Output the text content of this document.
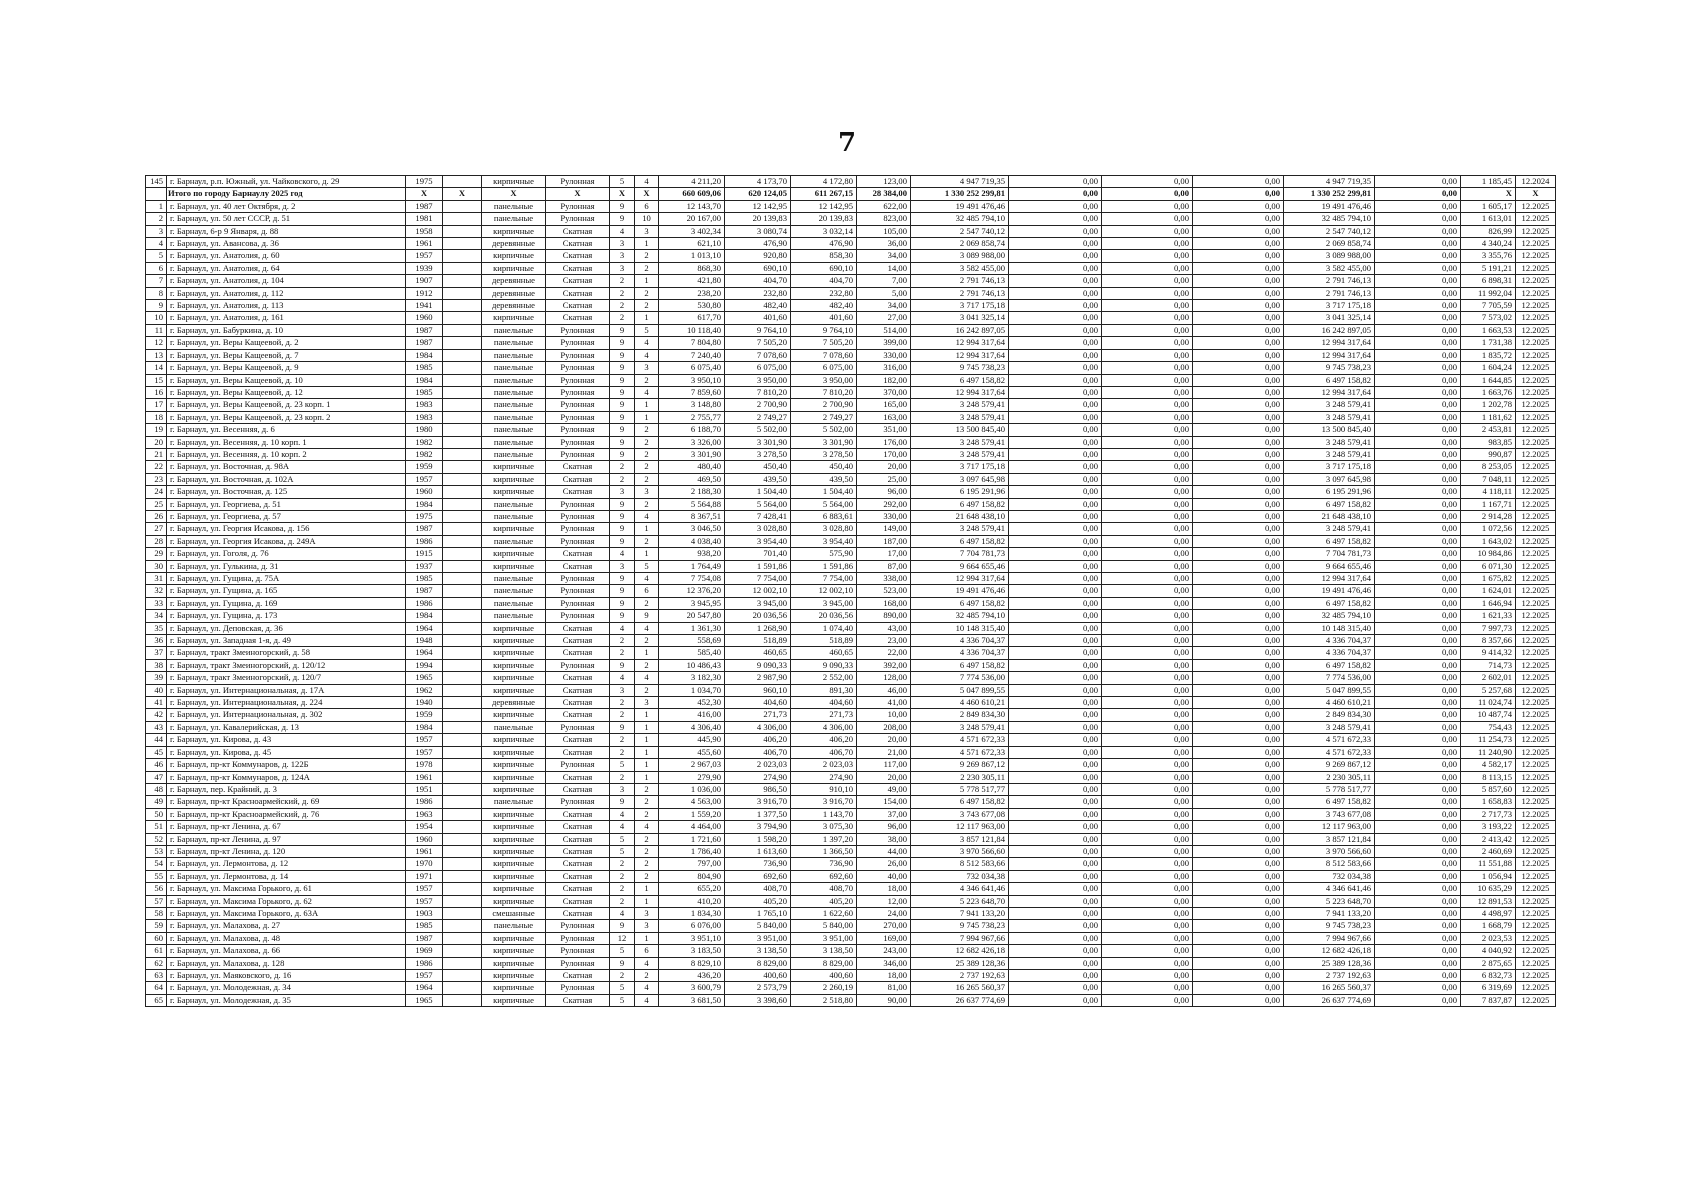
7
145	г. Барнаул, р.п. Южный, ул. Чайковского, д. 29	1975		кирпичные	Рулонная	5	4	4 211,20	4 173,70	4 172,80	123,00	4 947 719,35	0,00	0,00	0,00	4 947 719,35	0,00	1 185,45	12.2024
	Итого по городу Барнаулу 2025 год	X	X	X	X	X	X	660 609,06	620 124,05	611 267,15	28 384,00	1 330 252 299,81	0,00	0,00	0,00	1 330 252 299,81	0,00	X	X
1	г. Барнаул, ул. 40 лет Октября, д. 2	1987		панельные	Рулонная	9	6	12 143,70	12 142,95	12 142,95	622,00	19 491 476,46	0,00	0,00	0,00	19 491 476,46	0,00	1 605,17	12.2025
2	г. Барнаул, ул. 50 лет СССР, д. 51	1981		панельные	Рулонная	9	10	20 167,00	20 139,83	20 139,83	823,00	32 485 794,10	0,00	0,00	0,00	32 485 794,10	0,00	1 613,01	12.2025
3	г. Барнаул, 6-р 9 Января, д. 88	1958		кирпичные	Скатная	4	3	3 402,34	3 080,74	3 032,14	105,00	2 547 740,12	0,00	0,00	0,00	2 547 740,12	0,00	826,99	12.2025
4	г. Барнаул, ул. Авансова, д. 36	1961		деревянные	Скатная	3	1	621,10	476,90	476,90	36,00	2 069 858,74	0,00	0,00	0,00	2 069 858,74	0,00	4 340,24	12.2025
5	г. Барнаул, ул. Анатолия, д. 60	1957		кирпичные	Скатная	3	2	1 013,10	920,80	858,30	34,00	3 089 988,00	0,00	0,00	0,00	3 089 988,00	0,00	3 355,76	12.2025
6	г. Барнаул, ул. Анатолия, д. 64	1939		кирпичные	Скатная	3	2	868,30	690,10	690,10	14,00	3 582 455,00	0,00	0,00	0,00	3 582 455,00	0,00	5 191,21	12.2025
7	г. Барнаул, ул. Анатолия, д. 104	1907		деревянные	Скатная	2	1	421,80	404,70	404,70	7,00	2 791 746,13	0,00	0,00	0,00	2 791 746,13	0,00	6 898,31	12.2025
8	г. Барнаул, ул. Анатолия, д. 112	1912		деревянные	Скатная	2	2	238,20	232,80	232,80	5,00	2 791 746,13	0,00	0,00	0,00	2 791 746,13	0,00	11 992,04	12.2025
9	г. Барнаул, ул. Анатолия, д. 113	1941		деревянные	Скатная	2	2	530,80	482,40	482,40	34,00	3 717 175,18	0,00	0,00	0,00	3 717 175,18	0,00	7 705,59	12.2025
10	г. Барнаул, ул. Анатолия, д. 161	1960		кирпичные	Скатная	2	1	617,70	401,60	401,60	27,00	3 041 325,14	0,00	0,00	0,00	3 041 325,14	0,00	7 573,02	12.2025
11	г. Барнаул, ул. Бабуркина, д. 10	1987		панельные	Рулонная	9	5	10 118,40	9 764,10	9 764,10	514,00	16 242 897,05	0,00	0,00	0,00	16 242 897,05	0,00	1 663,53	12.2025
12	г. Барнаул, ул. Веры Кащеевой, д. 2	1987		панельные	Рулонная	9	4	7 804,80	7 505,20	7 505,20	399,00	12 994 317,64	0,00	0,00	0,00	12 994 317,64	0,00	1 731,38	12.2025
13	г. Барнаул, ул. Веры Кащеевой, д. 7	1984		панельные	Рулонная	9	4	7 240,40	7 078,60	7 078,60	330,00	12 994 317,64	0,00	0,00	0,00	12 994 317,64	0,00	1 835,72	12.2025
14	г. Барнаул, ул. Веры Кащеевой, д. 9	1985		панельные	Рулонная	9	3	6 075,40	6 075,00	6 075,00	316,00	9 745 738,23	0,00	0,00	0,00	9 745 738,23	0,00	1 604,24	12.2025
15	г. Барнаул, ул. Веры Кащеевой, д. 10	1984		панельные	Рулонная	9	2	3 950,10	3 950,00	3 950,00	182,00	6 497 158,82	0,00	0,00	0,00	6 497 158,82	0,00	1 644,85	12.2025
16	г. Барнаул, ул. Веры Кащеевой, д. 12	1985		панельные	Рулонная	9	4	7 859,60	7 810,20	7 810,20	370,00	12 994 317,64	0,00	0,00	0,00	12 994 317,64	0,00	1 663,76	12.2025
17	г. Барнаул, ул. Веры Кащеевой, д. 23 корп. 1	1983		панельные	Рулонная	9	1	3 148,80	2 700,90	2 700,90	165,00	3 248 579,41	0,00	0,00	0,00	3 248 579,41	0,00	1 202,78	12.2025
18	г. Барнаул, ул. Веры Кащеевой, д. 23 корп. 2	1983		панельные	Рулонная	9	1	2 755,77	2 749,27	2 749,27	163,00	3 248 579,41	0,00	0,00	0,00	3 248 579,41	0,00	1 181,62	12.2025
19	г. Барнаул, ул. Весенняя, д. 6	1980		панельные	Рулонная	9	2	6 188,70	5 502,00	5 502,00	351,00	13 500 845,40	0,00	0,00	0,00	13 500 845,40	0,00	2 453,81	12.2025
20	г. Барнаул, ул. Весенняя, д. 10 корп. 1	1982		панельные	Рулонная	9	2	3 326,00	3 301,90	3 301,90	176,00	3 248 579,41	0,00	0,00	0,00	3 248 579,41	0,00	983,85	12.2025
21	г. Барнаул, ул. Весенняя, д. 10 корп. 2	1982		панельные	Рулонная	9	2	3 301,90	3 278,50	3 278,50	170,00	3 248 579,41	0,00	0,00	0,00	3 248 579,41	0,00	990,87	12.2025
22	г. Барнаул, ул. Восточная, д. 98А	1959		кирпичные	Скатная	2	2	480,40	450,40	450,40	20,00	3 717 175,18	0,00	0,00	0,00	3 717 175,18	0,00	8 253,05	12.2025
23	г. Барнаул, ул. Восточная, д. 102А	1957		кирпичные	Скатная	2	2	469,50	439,50	439,50	25,00	3 097 645,98	0,00	0,00	0,00	3 097 645,98	0,00	7 048,11	12.2025
24	г. Барнаул, ул. Восточная, д. 125	1960		кирпичные	Скатная	3	3	2 188,30	1 504,40	1 504,40	96,00	6 195 291,96	0,00	0,00	0,00	6 195 291,96	0,00	4 118,11	12.2025
25	г. Барнаул, ул. Георгиева, д. 51	1984		панельные	Рулонная	9	2	5 564,88	5 564,00	5 564,00	292,00	6 497 158,82	0,00	0,00	0,00	6 497 158,82	0,00	1 167,71	12.2025
26	г. Барнаул, ул. Георгиева, д. 57	1975		панельные	Рулонная	9	4	8 367,51	7 428,41	6 883,61	330,00	21 648 438,10	0,00	0,00	0,00	21 648 438,10	0,00	2 914,28	12.2025
27	г. Барнаул, ул. Георгия Исакова, д. 156	1987		кирпичные	Рулонная	9	1	3 046,50	3 028,80	3 028,80	149,00	3 248 579,41	0,00	0,00	0,00	3 248 579,41	0,00	1 072,56	12.2025
28	г. Барнаул, ул. Георгия Исакова, д. 249А	1986		панельные	Рулонная	9	2	4 038,40	3 954,40	3 954,40	187,00	6 497 158,82	0,00	0,00	0,00	6 497 158,82	0,00	1 643,02	12.2025
29	г. Барнаул, ул. Гоголя, д. 76	1915		кирпичные	Скатная	4	1	938,20	701,40	575,90	17,00	7 704 781,73	0,00	0,00	0,00	7 704 781,73	0,00	10 984,86	12.2025
30	г. Барнаул, ул. Гулькина, д. 31	1937		кирпичные	Скатная	3	5	1 764,49	1 591,86	1 591,86	87,00	9 664 655,46	0,00	0,00	0,00	9 664 655,46	0,00	6 071,30	12.2025
31	г. Барнаул, ул. Гущина, д. 75А	1985		панельные	Рулонная	9	4	7 754,08	7 754,00	7 754,00	338,00	12 994 317,64	0,00	0,00	0,00	12 994 317,64	0,00	1 675,82	12.2025
32	г. Барнаул, ул. Гущина, д. 165	1987		панельные	Рулонная	9	6	12 376,20	12 002,10	12 002,10	523,00	19 491 476,46	0,00	0,00	0,00	19 491 476,46	0,00	1 624,01	12.2025
33	г. Барнаул, ул. Гущина, д. 169	1986		панельные	Рулонная	9	2	3 945,95	3 945,00	3 945,00	168,00	6 497 158,82	0,00	0,00	0,00	6 497 158,82	0,00	1 646,94	12.2025
34	г. Барнаул, ул. Гущина, д. 173	1984		панельные	Рулонная	9	9	20 547,80	20 036,56	20 036,56	890,00	32 485 794,10	0,00	0,00	0,00	32 485 794,10	0,00	1 621,33	12.2025
35	г. Барнаул, ул. Деповская, д. 36	1964		кирпичные	Скатная	4	4	1 361,30	1 268,90	1 074,40	43,00	10 148 315,40	0,00	0,00	0,00	10 148 315,40	0,00	7 997,73	12.2025
36	г. Барнаул, ул. Западная 1-я, д. 49	1948		кирпичные	Скатная	2	2	558,69	518,89	518,89	23,00	4 336 704,37	0,00	0,00	0,00	4 336 704,37	0,00	8 357,66	12.2025
37	г. Барнаул, тракт Змеиногорский, д. 58	1964		кирпичные	Скатная	2	1	585,40	460,65	460,65	22,00	4 336 704,37	0,00	0,00	0,00	4 336 704,37	0,00	9 414,32	12.2025
38	г. Барнаул, тракт Змеиногорский, д. 120/12	1994		кирпичные	Рулонная	9	2	10 486,43	9 090,33	9 090,33	392,00	6 497 158,82	0,00	0,00	0,00	6 497 158,82	0,00	714,73	12.2025
39	г. Барнаул, тракт Змеиногорский, д. 120/7	1965		кирпичные	Скатная	4	4	3 182,30	2 987,90	2 552,00	128,00	7 774 536,00	0,00	0,00	0,00	7 774 536,00	0,00	2 602,01	12.2025
40	г. Барнаул, ул. Интернациональная, д. 17А	1962		кирпичные	Скатная	3	2	1 034,70	960,10	891,30	46,00	5 047 899,55	0,00	0,00	0,00	5 047 899,55	0,00	5 257,68	12.2025
41	г. Барнаул, ул. Интернациональная, д. 224	1940		деревянные	Скатная	2	3	452,30	404,60	404,60	41,00	4 460 610,21	0,00	0,00	0,00	4 460 610,21	0,00	11 024,74	12.2025
42	г. Барнаул, ул. Интернациональная, д. 302	1959		кирпичные	Скатная	2	1	416,00	271,73	271,73	10,00	2 849 834,30	0,00	0,00	0,00	2 849 834,30	0,00	10 487,74	12.2025
43	г. Барнаул, ул. Кавалерийская, д. 13	1984		панельные	Рулонная	9	1	4 306,40	4 306,00	4 306,00	208,00	3 248 579,41	0,00	0,00	0,00	3 248 579,41	0,00	754,43	12.2025
44	г. Барнаул, ул. Кирова, д. 43	1957		кирпичные	Скатная	2	1	445,90	406,20	406,20	20,00	4 571 672,33	0,00	0,00	0,00	4 571 672,33	0,00	11 254,73	12.2025
45	г. Барнаул, ул. Кирова, д. 45	1957		кирпичные	Скатная	2	1	455,60	406,70	406,70	21,00	4 571 672,33	0,00	0,00	0,00	4 571 672,33	0,00	11 240,90	12.2025
46	г. Барнаул, пр-кт Коммунаров, д. 122Б	1978		кирпичные	Рулонная	5	1	2 967,03	2 023,03	2 023,03	117,00	9 269 867,12	0,00	0,00	0,00	9 269 867,12	0,00	4 582,17	12.2025
47	г. Барнаул, пр-кт Коммунаров, д. 124А	1961		кирпичные	Скатная	2	1	279,90	274,90	274,90	20,00	2 230 305,11	0,00	0,00	0,00	2 230 305,11	0,00	8 113,15	12.2025
48	г. Барнаул, пер. Крайний, д. 3	1951		кирпичные	Скатная	3	2	1 036,00	986,50	910,10	49,00	5 778 517,77	0,00	0,00	0,00	5 778 517,77	0,00	5 857,60	12.2025
49	г. Барнаул, пр-кт Красноармейский, д. 69	1986		панельные	Рулонная	9	2	4 563,00	3 916,70	3 916,70	154,00	6 497 158,82	0,00	0,00	0,00	6 497 158,82	0,00	1 658,83	12.2025
50	г. Барнаул, пр-кт Красноармейский, д. 76	1963		кирпичные	Скатная	4	2	1 559,20	1 377,50	1 143,70	37,00	3 743 677,08	0,00	0,00	0,00	3 743 677,08	0,00	2 717,73	12.2025
51	г. Барнаул, пр-кт Ленина, д. 67	1954		кирпичные	Скатная	4	4	4 464,00	3 794,90	3 075,30	96,00	12 117 963,00	0,00	0,00	0,00	12 117 963,00	0,00	3 193,22	12.2025
52	г. Барнаул, пр-кт Ленина, д. 97	1960		кирпичные	Скатная	5	2	1 721,60	1 598,20	1 397,20	38,00	3 857 121,84	0,00	0,00	0,00	3 857 121,84	0,00	2 413,42	12.2025
53	г. Барнаул, пр-кт Ленина, д. 120	1961		кирпичные	Скатная	5	2	1 786,40	1 613,60	1 366,50	44,00	3 970 566,60	0,00	0,00	0,00	3 970 566,60	0,00	2 460,69	12.2025
54	г. Барнаул, ул. Лермонтова, д. 12	1970		кирпичные	Скатная	2	2	797,00	736,90	736,90	26,00	8 512 583,66	0,00	0,00	0,00	8 512 583,66	0,00	11 551,88	12.2025
55	г. Барнаул, ул. Лермонтова, д. 14	1971		кирпичные	Скатная	2	2	804,90	692,60	692,60	40,00	732 034,38	0,00	0,00	0,00	732 034,38	0,00	1 056,94	12.2025
56	г. Барнаул, ул. Максима Горького, д. 61	1957		кирпичные	Скатная	2	1	655,20	408,70	408,70	18,00	4 346 641,46	0,00	0,00	0,00	4 346 641,46	0,00	10 635,29	12.2025
57	г. Барнаул, ул. Максима Горького, д. 62	1957		кирпичные	Скатная	2	1	410,20	405,20	405,20	12,00	5 223 648,70	0,00	0,00	0,00	5 223 648,70	0,00	12 891,53	12.2025
58	г. Барнаул, ул. Максима Горького, д. 63А	1903		смешанные	Скатная	4	3	1 834,30	1 765,10	1 622,60	24,00	7 941 133,20	0,00	0,00	0,00	7 941 133,20	0,00	4 498,97	12.2025
59	г. Барнаул, ул. Малахова, д. 27	1985		панельные	Рулонная	9	3	6 076,00	5 840,00	5 840,00	270,00	9 745 738,23	0,00	0,00	0,00	9 745 738,23	0,00	1 668,79	12.2025
60	г. Барнаул, ул. Малахова, д. 48	1987		кирпичные	Рулонная	12	1	3 951,10	3 951,00	3 951,00	169,00	7 994 967,66	0,00	0,00	0,00	7 994 967,66	0,00	2 023,53	12.2025
61	г. Барнаул, ул. Малахова, д. 66	1969		кирпичные	Рулонная	5	6	3 183,50	3 138,50	3 138,50	243,00	12 682 426,18	0,00	0,00	0,00	12 682 426,18	0,00	4 040,92	12.2025
62	г. Барнаул, ул. Малахова, д. 128	1986		кирпичные	Рулонная	9	4	8 829,10	8 829,00	8 829,00	346,00	25 389 128,36	0,00	0,00	0,00	25 389 128,36	0,00	2 875,65	12.2025
63	г. Барнаул, ул. Маяковского, д. 16	1957		кирпичные	Скатная	2	2	436,20	400,60	400,60	18,00	2 737 192,63	0,00	0,00	0,00	2 737 192,63	0,00	6 832,73	12.2025
64	г. Барнаул, ул. Молодежная, д. 34	1964		кирпичные	Рулонная	5	4	3 600,79	2 573,79	2 260,19	81,00	16 265 560,37	0,00	0,00	0,00	16 265 560,37	0,00	6 319,69	12.2025
65	г. Барнаул, ул. Молодежная, д. 35	1965		кирпичные	Скатная	5	4	3 681,50	3 398,60	2 518,80	90,00	26 637 774,69	0,00	0,00	0,00	26 637 774,69	0,00	7 837,87	12.2025
